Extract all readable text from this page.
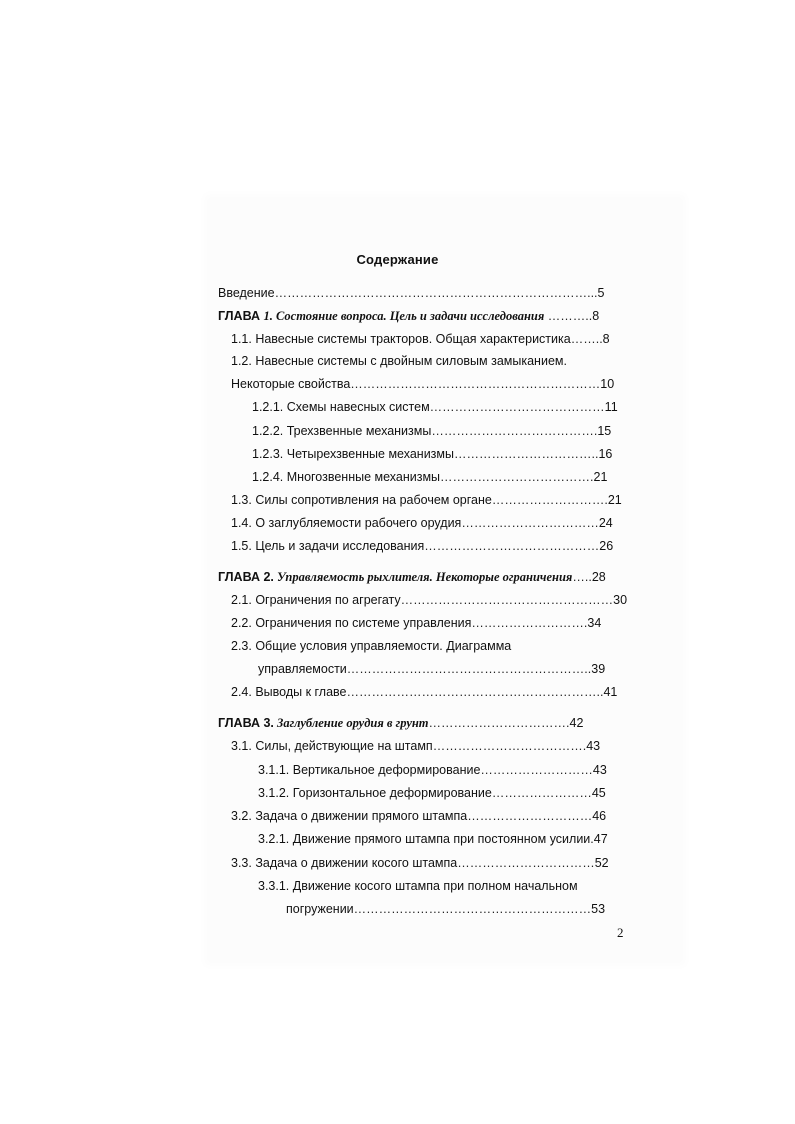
Содержание
Введение…………………………………………………………………...5
ГЛАВА 1. Состояние вопроса. Цель и задачи исследования ………..8
1.1. Навесные системы тракторов. Общая характеристика……..8
1.2. Навесные системы с двойным силовым замыканием.
Некоторые свойства……………………………………………………10
1.2.1. Схемы навесных систем……………………………………11
1.2.2. Трехзвенные механизмы………………………………….15
1.2.3. Четырехзвенные механизмы……………………………..16
1.2.4. Многозвенные механизмы……………………………….21
1.3. Силы сопротивления на рабочем органе……………………….21
1.4. О заглубляемости рабочего орудия……………………………24
1.5. Цель и задачи исследования……………………………………26
ГЛАВА 2. Управляемость рыхлителя. Некоторые ограничения…..28
2.1. Ограничения по агрегату……………………………………………30
2.2. Ограничения по системе управления……………………….34
2.3. Общие условия управляемости. Диаграмма
управляемости…………………………………………………..39
2.4. Выводы к главе……………………………………………………..41
ГЛАВА 3. Заглубление орудия в грунт…………………………….42
3.1. Силы, действующие на штамп……………………………….43
3.1.1. Вертикальное деформирование………………………43
3.1.2. Горизонтальное деформирование……………………45
3.2. Задача о движении прямого штампа…………………………46
3.2.1. Движение прямого штампа при постоянном усилии.47
3.3. Задача о движении косого штампа……………………………52
3.3.1. Движение косого штампа при полном начальном
погружении…………………………………………………53
2
